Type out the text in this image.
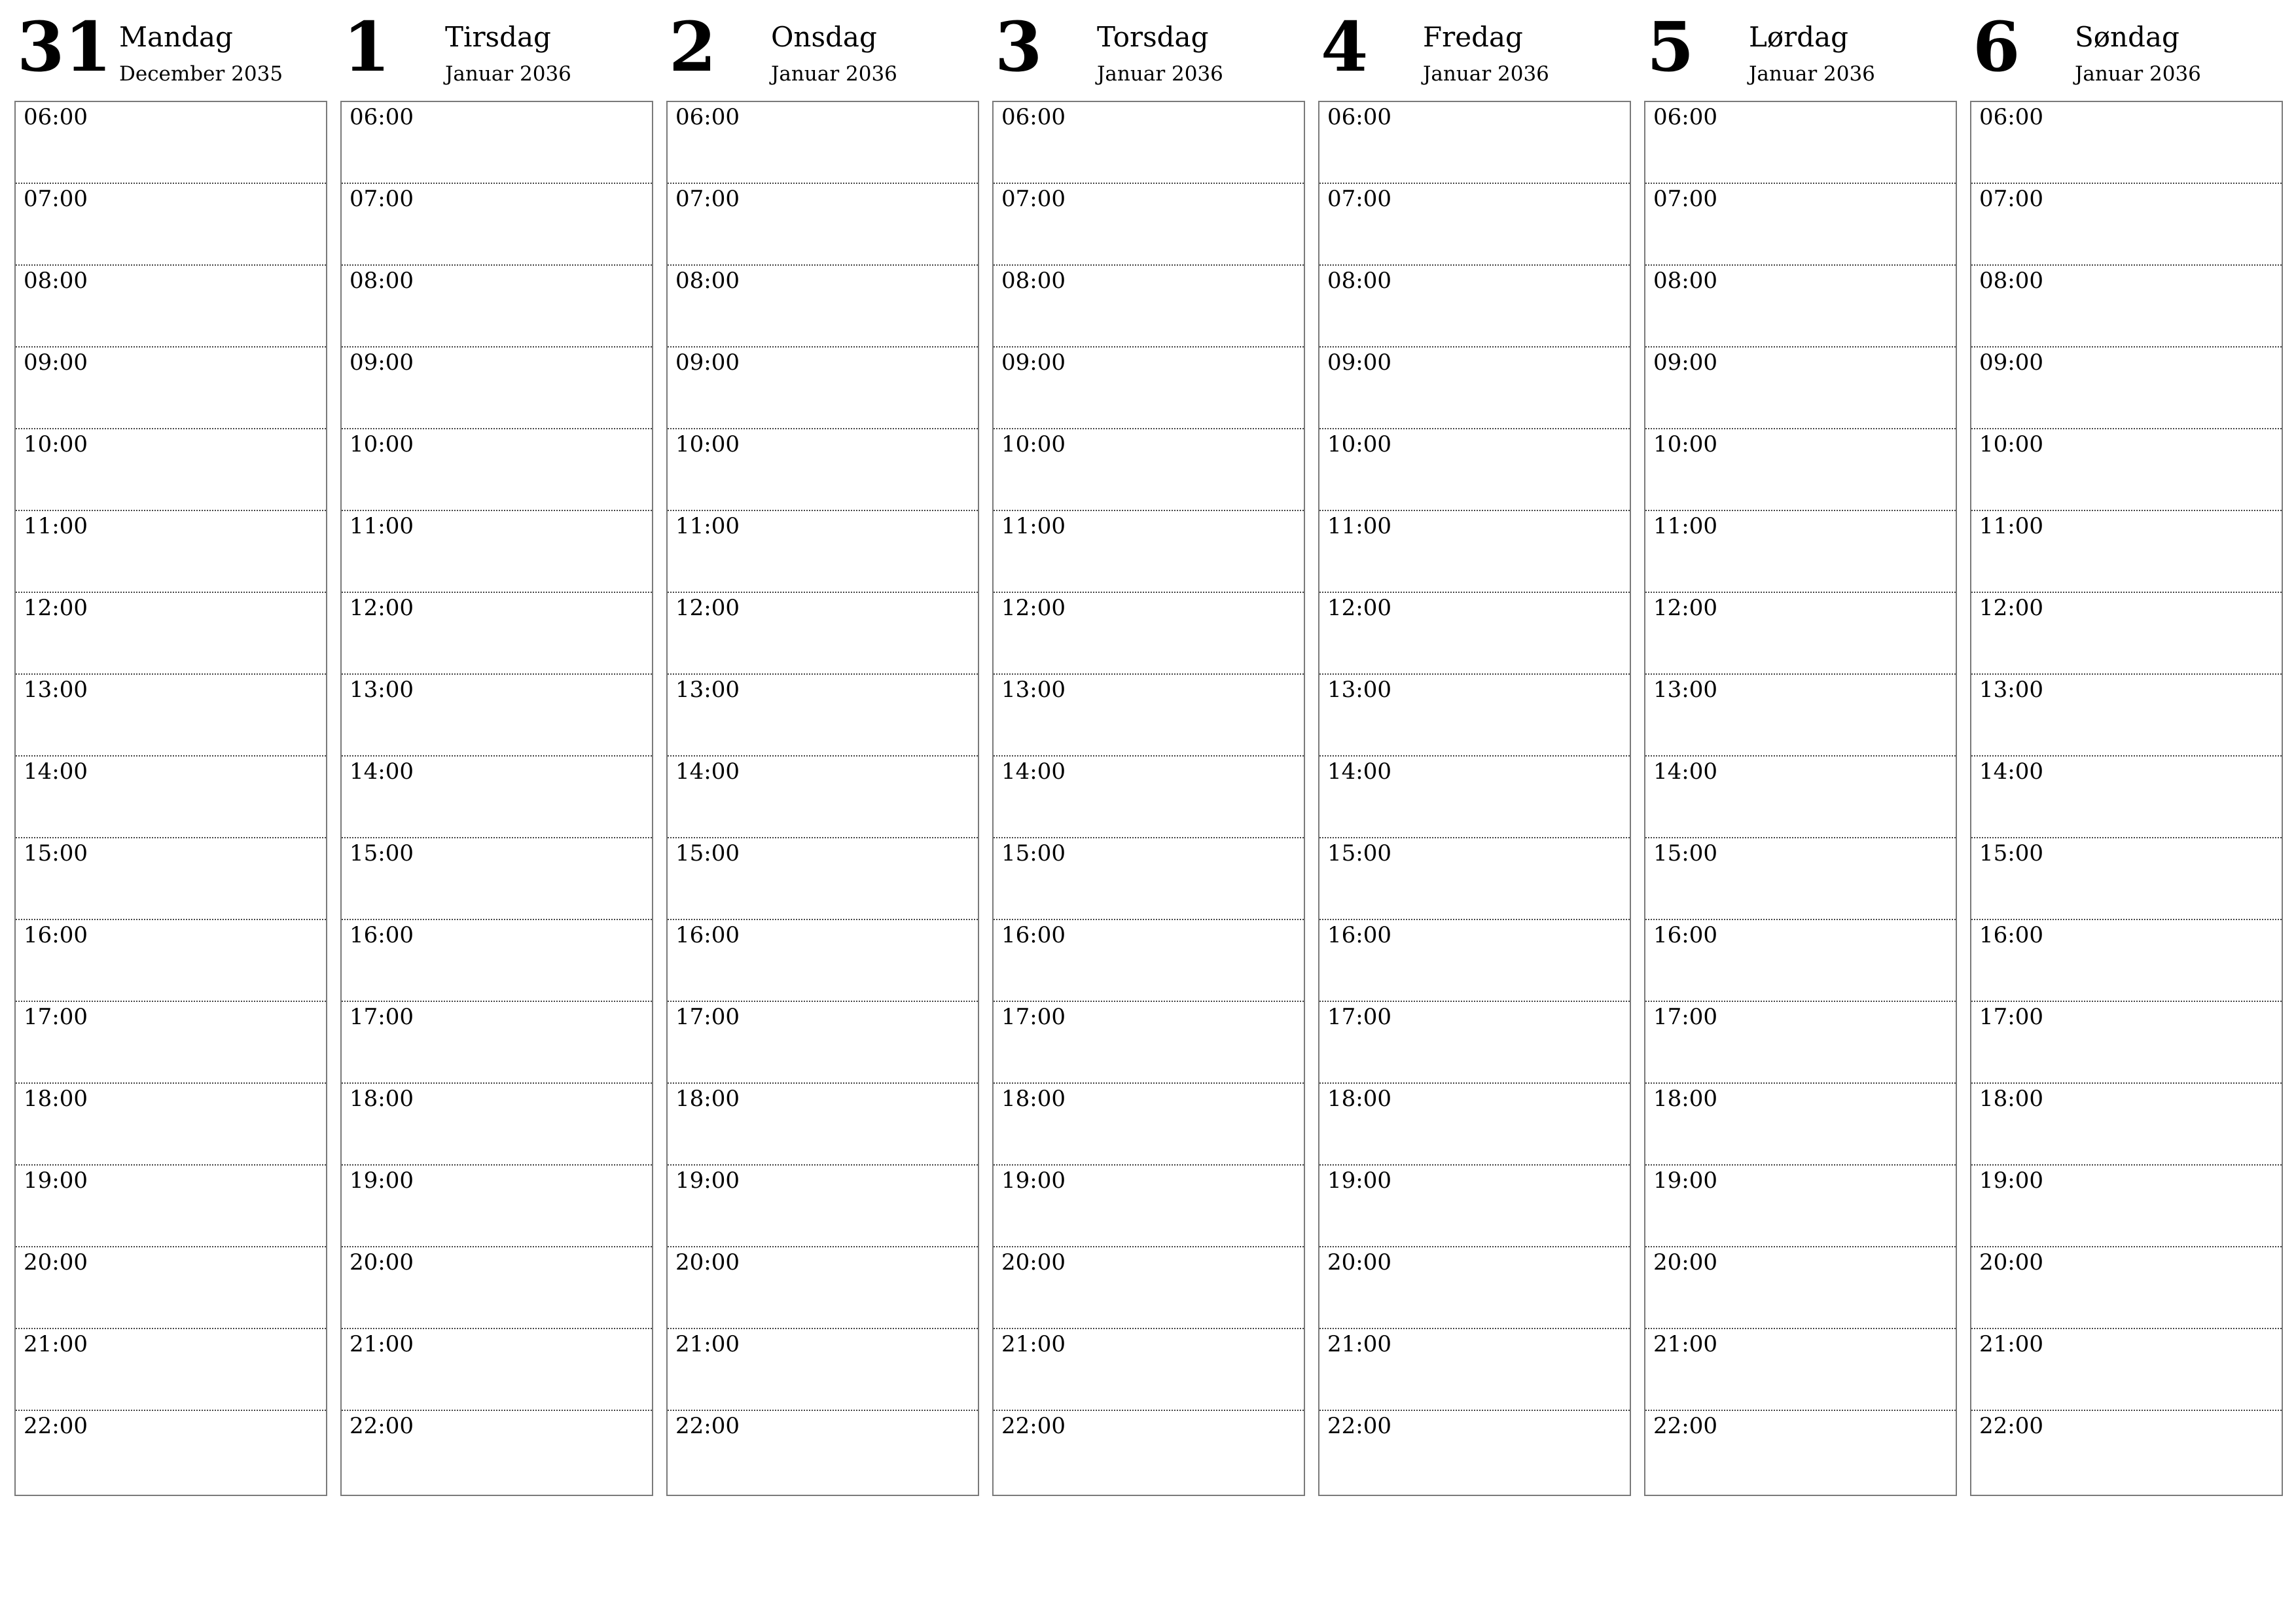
31 Mandag
December 2035
06:00
07:00
08:00
09:00
10:00
11:00
12:00
13:00
14:00
15:00
16:00
17:00
18:00
19:00
20:00
21:00
22:00
1 Tirsdag
Januar 2036
06:00
07:00
08:00
09:00
10:00
11:00
12:00
13:00
14:00
15:00
16:00
17:00
18:00
19:00
20:00
21:00
22:00
2 Onsdag
Januar 2036
06:00
07:00
08:00
09:00
10:00
11:00
12:00
13:00
14:00
15:00
16:00
17:00
18:00
19:00
20:00
21:00
22:00
3 Torsdag
Januar 2036
06:00
07:00
08:00
09:00
10:00
11:00
12:00
13:00
14:00
15:00
16:00
17:00
18:00
19:00
20:00
21:00
22:00
4 Fredag
Januar 2036
06:00
07:00
08:00
09:00
10:00
11:00
12:00
13:00
14:00
15:00
16:00
17:00
18:00
19:00
20:00
21:00
22:00
5 Lørdag
Januar 2036
06:00
07:00
08:00
09:00
10:00
11:00
12:00
13:00
14:00
15:00
16:00
17:00
18:00
19:00
20:00
21:00
22:00
6 Søndag
Januar 2036
06:00
07:00
08:00
09:00
10:00
11:00
12:00
13:00
14:00
15:00
16:00
17:00
18:00
19:00
20:00
21:00
22:00
